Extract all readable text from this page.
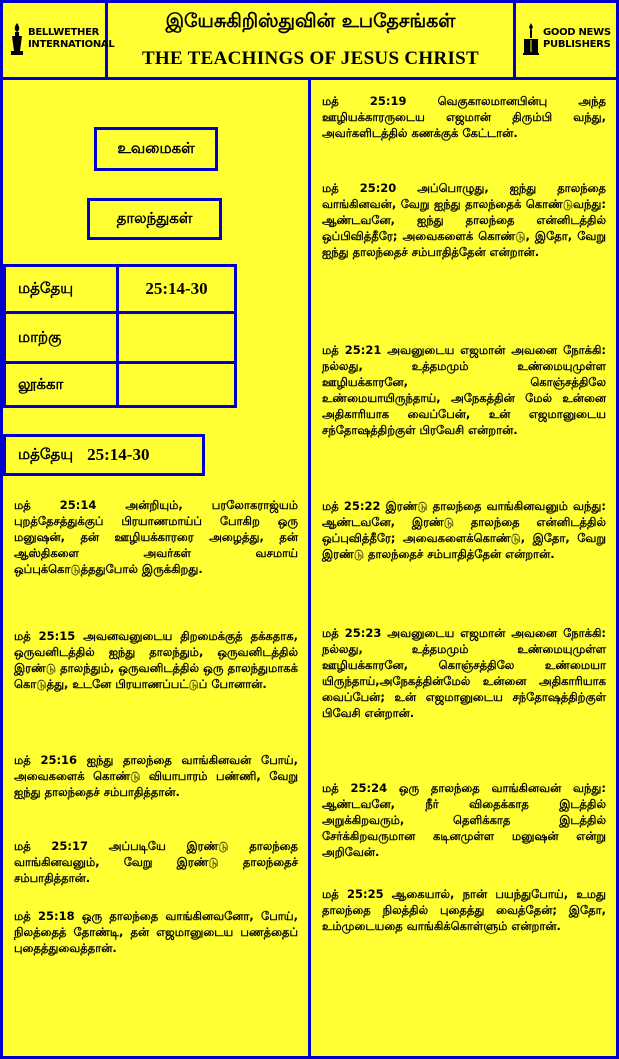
BELLWETHER
INTERNATIONAL
GOOD NEWS
PUBLISHERS
இயேசுகிறிஸ்துவின் உபதேசங்கள்
THE TEACHINGS OF JESUS CHRIST
உவமைகள்
தாலந்துகள்
மத்தேயு	25:14-30
மாற்கு
லூக்கா
மத்தேயு 25:14-30

மத் 25:14 அன்றியும், பரலோகராஜ்யம் புறத்தேசத்துக்குப் பிரயாணமாய்ப் போகிற ஒரு மனுஷன், தன் ஊழியக்காரரை அழைத்து, தன் ஆஸ்திகளை அவர்கள் வசமாய் ஒப்புக்கொடுத்ததுபோல் இருக்கிறது.

மத் 25:15 அவனவனுடைய திறமைக்குத் தக்கதாக, ஒருவனிடத்தில் ஐந்து தாலந்தும், ஒருவனிடத்தில் இரண்டு தாலந்தும், ஒருவனிடத்தில் ஒரு தாலந்துமாகக் கொடுத்து, உடனே பிரயாணப்பட்டுப் போனான்.

மத் 25:16 ஐந்து தாலந்தை வாங்கினவன் போய், அவைகளைக் கொண்டு வியாபாரம் பண்ணி, வேறு ஐந்து தாலந்தைச் சம்பாதித்தான்.

மத் 25:17 அப்படியே இரண்டு தாலந்தை வாங்கினவனும், வேறு இரண்டு தாலந்தைச் சம்பாதித்தான்.

மத் 25:18 ஒரு தாலந்தை வாங்கினவனோ, போய், நிலத்தைத் தோண்டி, தன் எஜமானுடைய பணத்தைப் புதைத்துவைத்தான்.

மத் 25:19 வெகுகாலமானபின்பு அந்த ஊழியக்காரருடைய எஜமான் திரும்பி வந்து, அவர்களிடத்தில் கணக்குக் கேட்டான்.

மத் 25:20 அப்பொழுது, ஐந்து தாலந்தை வாங்கினவன், வேறு ஐந்து தாலந்தைக் கொண்டுவந்து: ஆண்டவனே, ஐந்து தாலந்தை என்னிடத்தில் ஒப்பிவித்தீரே; அவைகளைக் கொண்டு, இதோ, வேறு ஐந்து தாலந்தைச் சம்பாதித்தேன் என்றான்.

மத் 25:21 அவனுடைய எஜமான் அவனை நோக்கி: நல்லது, உத்தமமும் உண்மையுமுள்ள ஊழியக்காரனே, கொஞ்சத்திலே உண்மையாயிருந்தாய், அநேகத்தின் மேல் உன்னை அதிகாரியாக வைப்பேன், உன் எஜமானுடைய சந்தோஷத்திற்குள் பிரவேசி என்றான்.

மத் 25:22 இரண்டு தாலந்தை வாங்கினவனும் வந்து: ஆண்டவனே, இரண்டு தாலந்தை என்னிடத்தில் ஒப்புவித்தீரே; அவைகளைக்கொண்டு, இதோ, வேறு இரண்டு தாலந்தைச் சம்பாதித்தேன் என்றான்.

மத் 25:23 அவனுடைய எஜமான் அவனை நோக்கி: நல்லது, உத்தமமும் உண்மையுமுள்ள ஊழியக்காரனே, கொஞ்சத்திலே உண்மையா யிருந்தாய்,அநேகத்தின்மேல் உன்னை அதிகாரியாக வைப்பேன்; உன் எஜமானுடைய சந்தோஷத்திற்குள் பிவேசி என்றான்.

மத் 25:24 ஒரு தாலந்தை வாங்கினவன் வந்து: ஆண்டவனே, நீர் விதைக்காத இடத்தில் அறுக்கிறவரும், தெளிக்காத இடத்தில் சேர்க்கிறவருமான கடினமுள்ள மனுஷன் என்று அறிவேன்.

மத் 25:25 ஆகையால், நான் பயந்துபோய், உமது தாலந்தை நிலத்தில் புதைத்து வைத்தேன்; இதோ, உம்முடையதை வாங்கிக்கொள்ளும் என்றான்.
